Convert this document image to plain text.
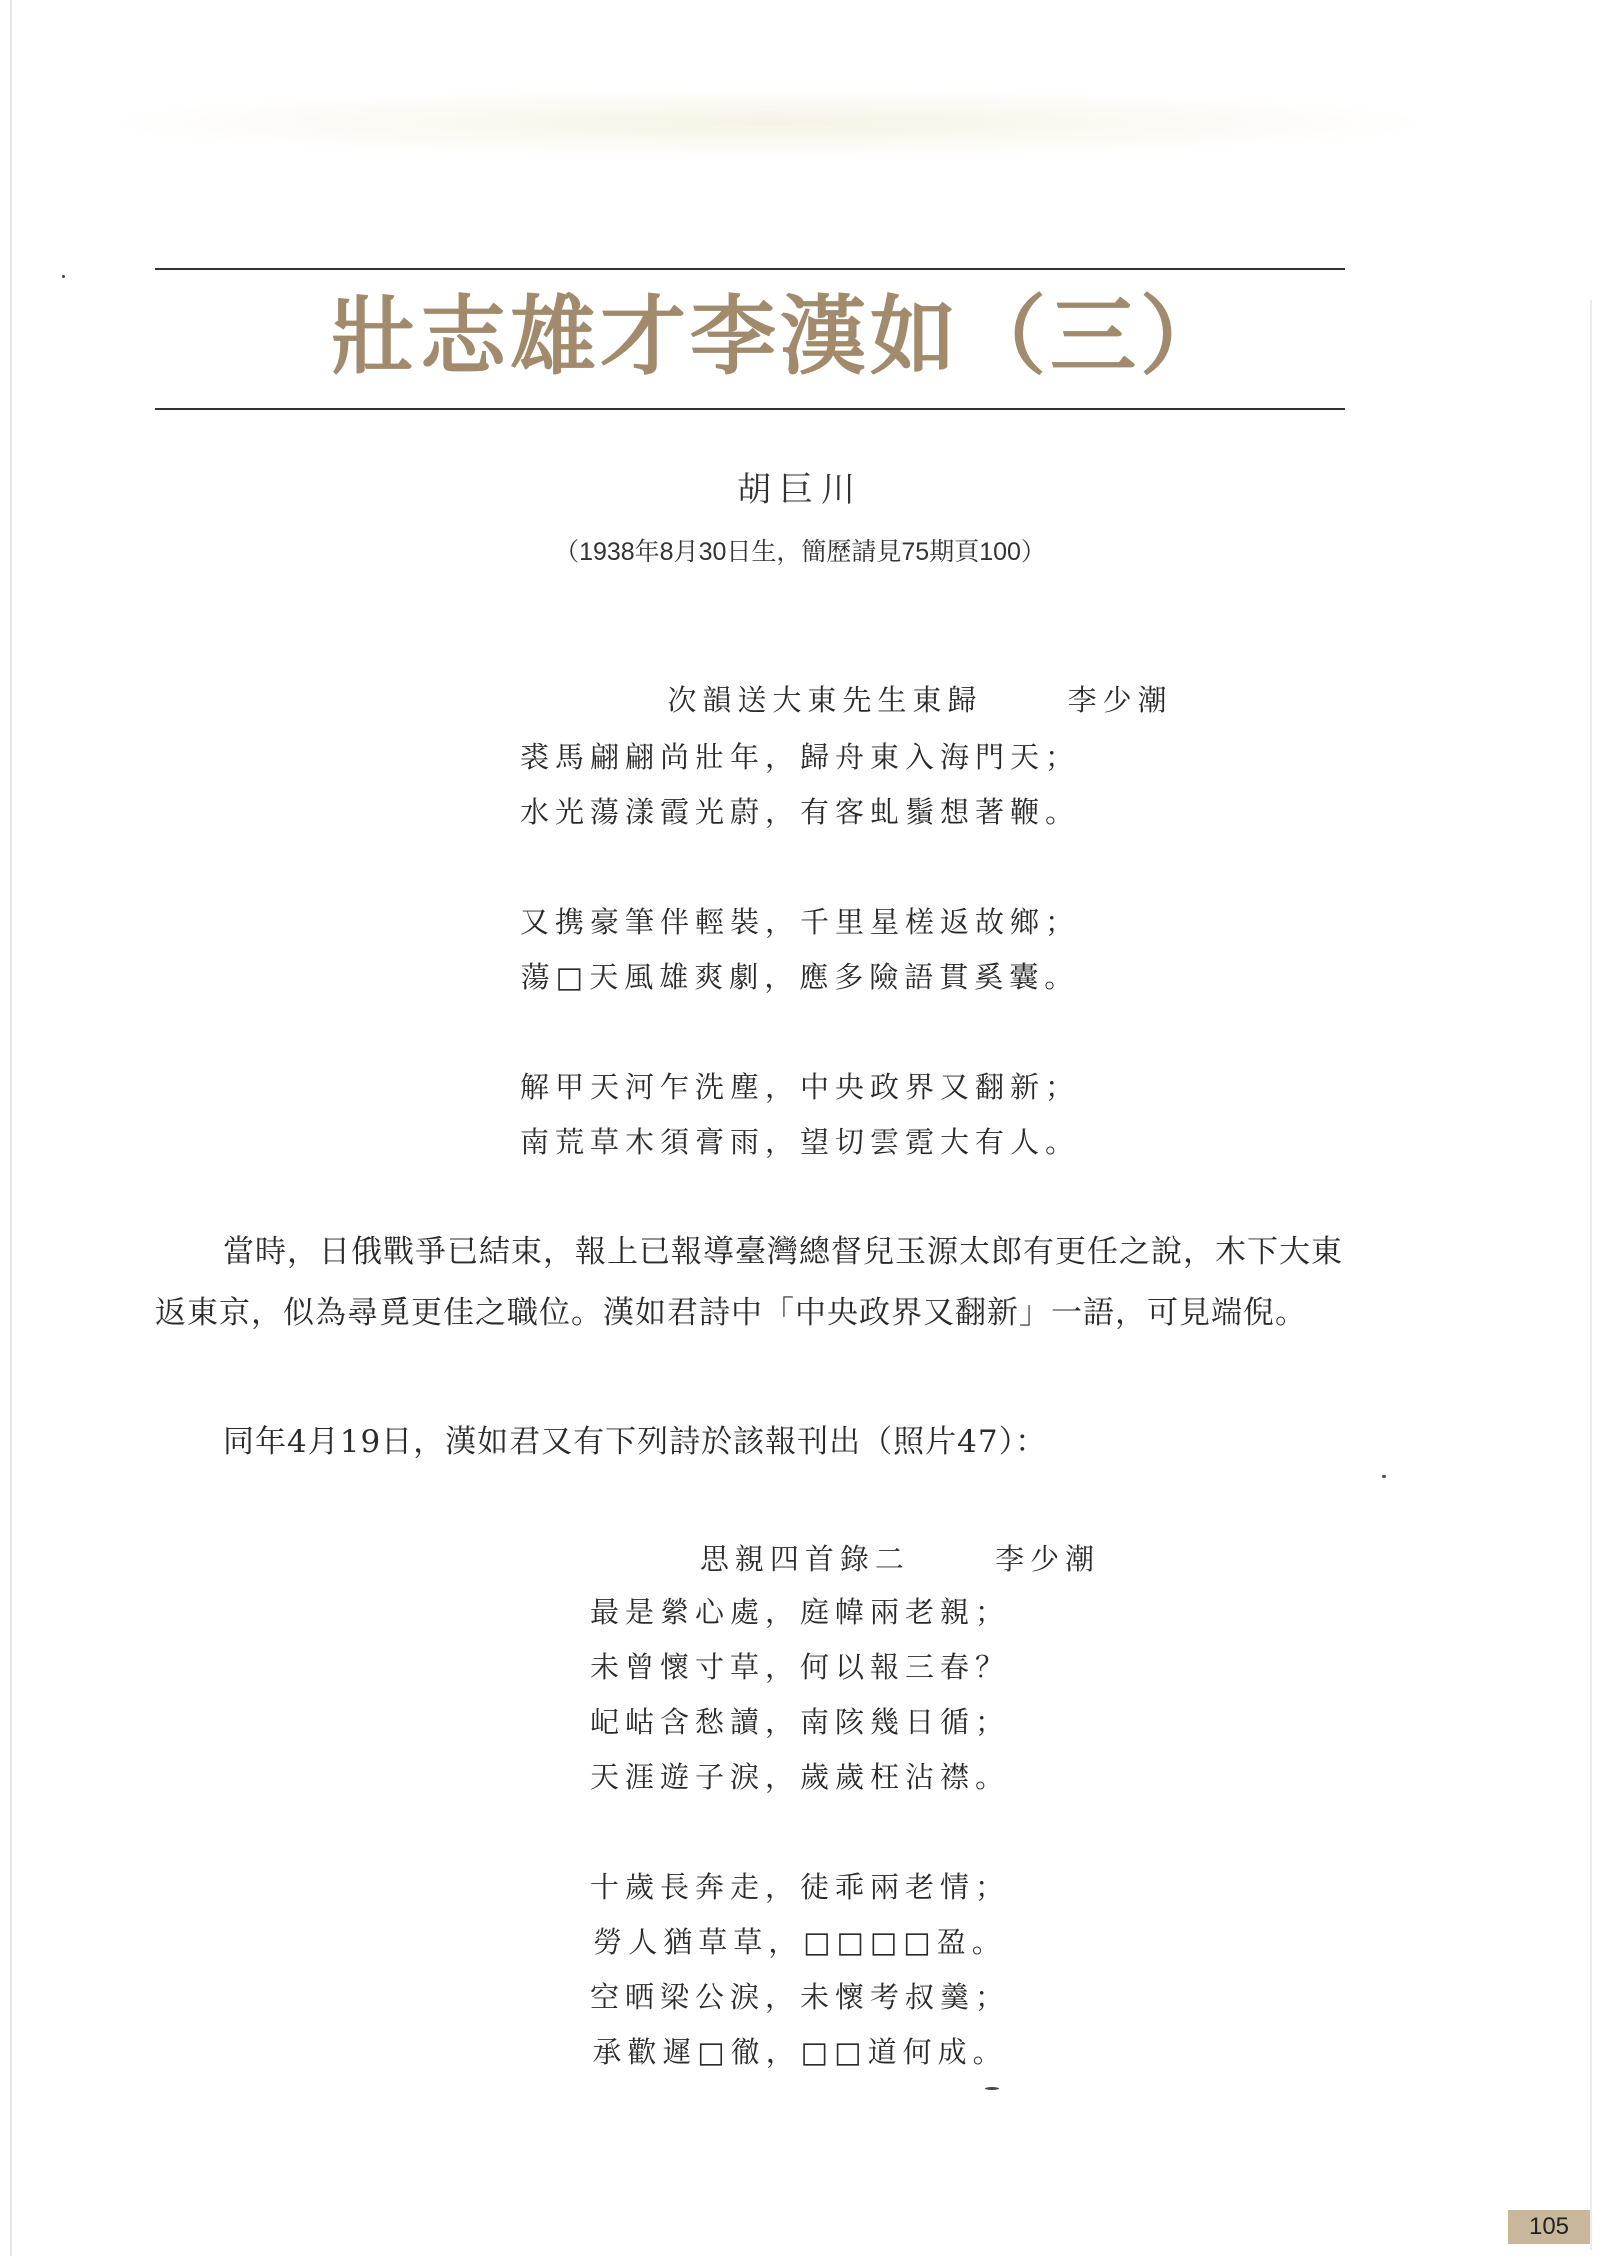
壯志雄才李漢如（三）
胡巨川
（1938年8月30日生，簡歷請見75期頁100）
次韻送大東先生東歸	李少潮
裘馬翩翩尚壯年，歸舟東入海門天；
水光蕩漾霞光蔚，有客虬鬚想著鞭。
又携豪筆伴輕裝，千里星槎返故鄉；
蕩□天風雄爽劇，應多險語貫奚囊。
解甲天河乍洗塵，中央政界又翻新；
南荒草木須膏雨，望切雲霓大有人。
當時，日俄戰爭已結束，報上已報導臺灣總督兒玉源太郎有更任之說，木下大東返東京，似為尋覓更佳之職位。漢如君詩中「中央政界又翻新」一語，可見端倪。
同年4月19日，漢如君又有下列詩於該報刊出（照片47）：
思親四首錄二	李少潮
最是縈心處，庭幃兩老親；
未曾懷寸草，何以報三春？
屺岵含愁讀，南陔幾日循；
天涯遊子淚，歲歲枉沾襟。
十歲長奔走，徒乖兩老情；
勞人猶草草，□□□□盈。
空晒梁公淚，未懷考叔羹；
承歡遲□徹，□□道何成。
105
